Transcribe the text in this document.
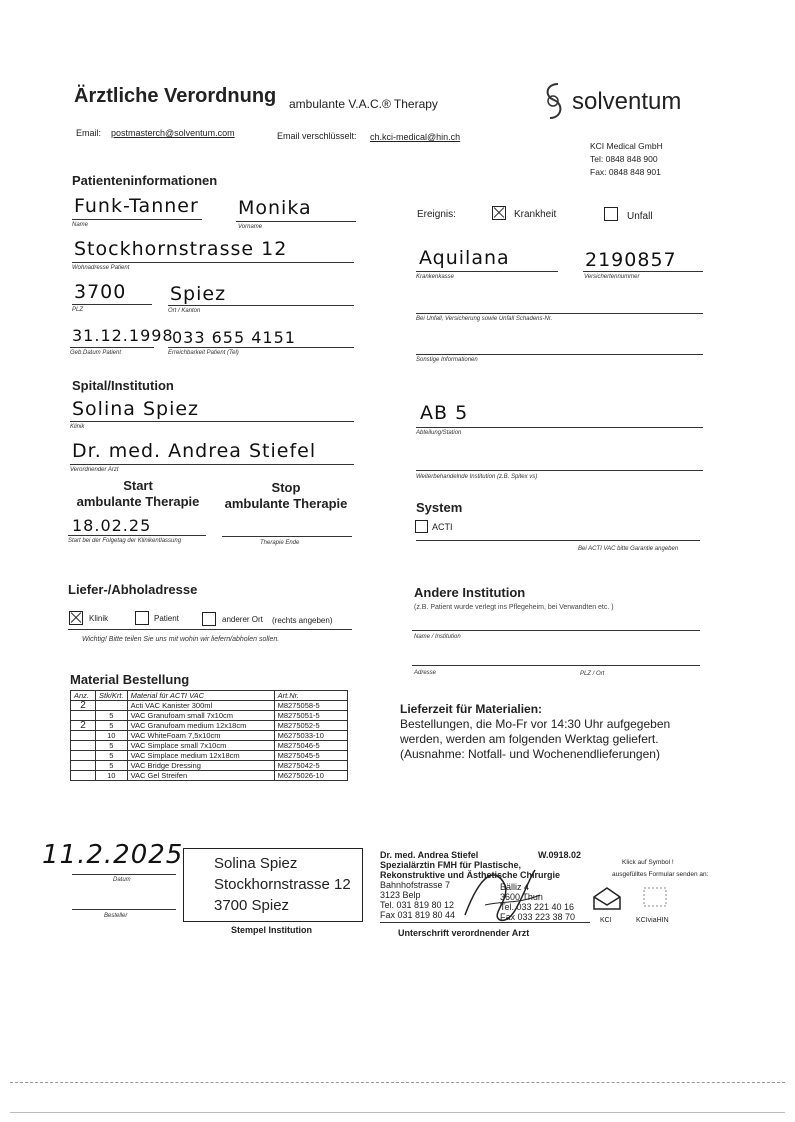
Ärztliche Verordnung ambulante V.A.C.® Therapy	solventum
Email: postmasterch@solventum.com	Email verschlüsselt: ch.kci-medical@hin.ch
KCI Medical GmbH
Tel: 0848 848 900
Fax: 0848 848 901
Patienteninformationen
Funk-Tanner
Name
Monika
Vorname
Stockhornstrasse 12
Wohnadresse Patient
3700
PLZ
Spiez
Ort / Kanton
31.12.1998
Geb.Datum Patient
033 655 4151
Erreichbarkeit Patient (Tel)
Ereignis:	Krankheit	Unfall
Aquilana
Krankenkasse
2190857
Versichertennummer
Bei Unfall, Versicherung sowie Unfall Schadens-Nr.
Sonstige Informationen
Spital/Institution
Solina Spiez
Klinik
Dr. med. Andrea Stiefel
Verordnender Arzt
AB 5
Abteilung/Station
Weiterbehandelnde Institution (z.B. Spitex vs)
Start
ambulante Therapie
Stop
ambulante Therapie
18.02.25
Start bei der Folgetag der Klinikentlassung	Therapie Ende
System
ACTI
Bei ACTI VAC bitte Garantie angeben
Liefer-/Abholadresse
Klinik	Patient	anderer Ort (rechts angeben)
Wichtig! Bitte teilen Sie uns mit wohin wir liefern/abholen sollen.
Andere Institution
(z.B. Patient wurde verlegt ins Pflegeheim, bei Verwandten etc. )
Name / Institution
Adresse	PLZ / Ort
Material Bestellung
Anz.	Stk/Krt.	Material für ACTI VAC	Art.Nr.
2		Acti VAC Kanister 300ml	M8275058-5
	5	VAC Granufoam small 7x10cm	M8275051-5
2	5	VAC Granufoam medium 12x18cm	M8275052-5
	10	VAC WhiteFoam 7,5x10cm	M6275033-10
	5	VAC Simplace small 7x10cm	M8275046-5
	5	VAC Simplace medium 12x18cm	M8275045-5
	5	VAC Bridge Dressing	M8275042-5
	10	VAC Gel Streifen	M6275026-10
Lieferzeit für Materialien:
Bestellungen, die Mo-Fr vor 14:30 Uhr aufgegeben
werden, werden am folgenden Werktag geliefert.
(Ausnahme: Notfall- und Wochenendlieferungen)
11.2.2025
Datum
Besteller
Solina Spiez
Stockhornstrasse 12
3700 Spiez
Stempel Institution
Dr. med. Andrea Stiefel
Spezialärztin FMH für Plastische,
Rekonstruktive und Ästhetische Chirurgie
Bahnhofstrasse 7
3123 Belp
Tel. 031 819 80 12
Fax 031 819 80 44
W.0918.02
Bälliz 4
3600 Thun
Tel. 033 221 40 16
Fax 033 223 38 70
Unterschrift verordnender Arzt
Klick auf Symbol !
ausgefülltes Formular senden an:
KCI	KCIviaHIN
